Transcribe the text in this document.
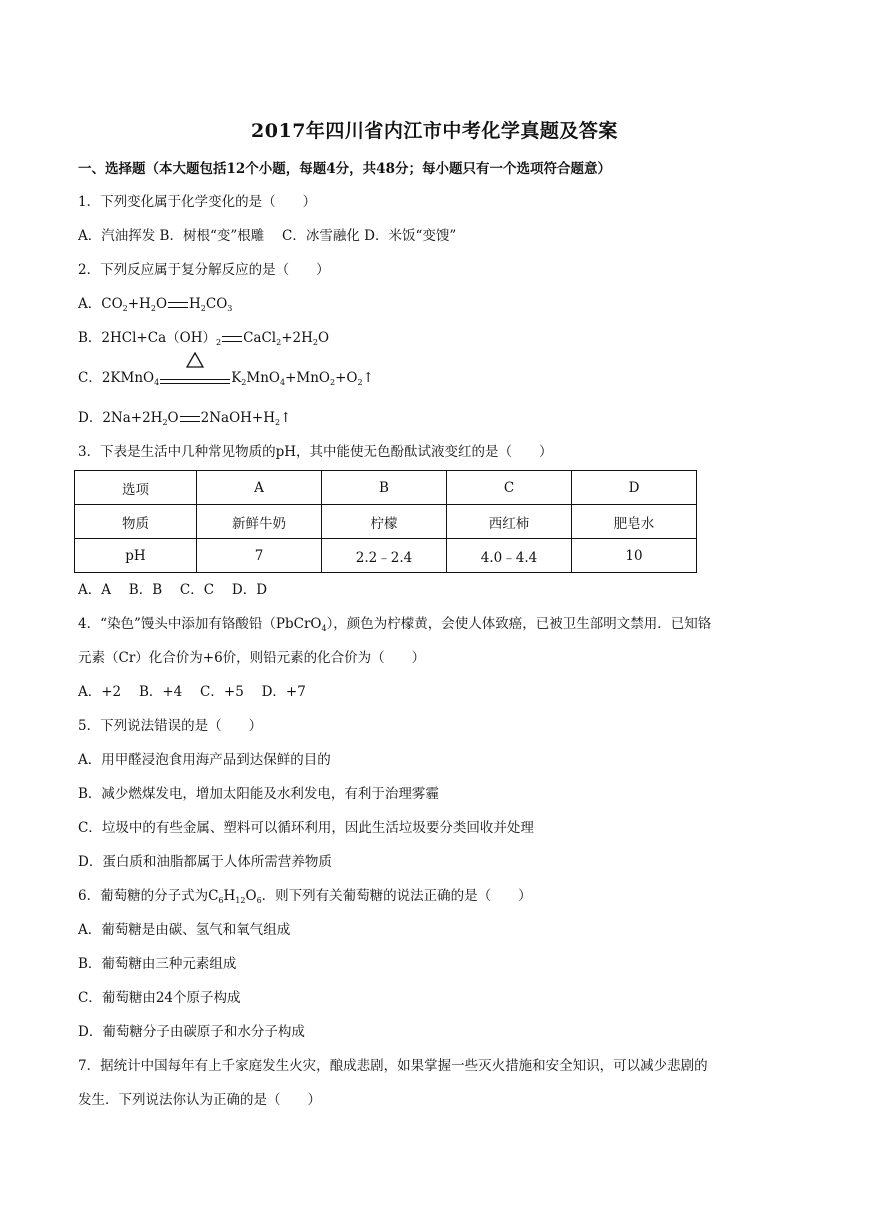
2017年四川省内江市中考化学真题及答案
一、选择题（本大题包括12个小题，每题4分，共48分；每小题只有一个选项符合题意）
1．下列变化属于化学变化的是（　　）
A．汽油挥发 B．树根“变”根雕　 C．冰雪融化 D．米饭“变馊”
2．下列反应属于复分解反应的是（　　）
A．$CO_2+H_2O$ $H_2CO_3$
B．$2HCl+Ca(OH)_2$ $CaCl_2+2H_2O$
C．2KMnO$_4$	$K_2MnO_4+MnO_2+O_2↑$
D．$2Na+2H_2O$ $2NaOH+H_2↑$
3．下表是生活中几种常见物质的pH，其中能使无色酚酞试液变红的是（　　）
选项	A	B	C	D
物质	新鲜牛奶	柠檬	西红柿	肥皂水
pH	7	2.2﹣2.4	4.0﹣4.4	10
A．A　 B．B　 C．C　 D．D
4．“染色”馒头中添加有铬酸铅（PbCrO$_4$），颜色为柠檬黄，会使人体致癌，已被卫生部明文禁用．已知铬
元素（Cr）化合价为+6价，则铅元素的化合价为（　　）
A．+2　 B．+4　 C．+5　 D．+7
5．下列说法错误的是（　　）
A．用甲醛浸泡食用海产品到达保鲜的目的
B．减少燃煤发电，增加太阳能及水利发电，有利于治理雾霾
C．垃圾中的有些金属、塑料可以循环利用，因此生活垃圾要分类回收并处理
D．蛋白质和油脂都属于人体所需营养物质
6．葡萄糖的分子式为$C_6H_{12}O_6$．则下列有关葡萄糖的说法正确的是（　　）
A．葡萄糖是由碳、氢气和氧气组成
B．葡萄糖由三种元素组成
C．葡萄糖由24个原子构成
D．葡萄糖分子由碳原子和水分子构成
7．据统计中国每年有上千家庭发生火灾，酿成悲剧，如果掌握一些灭火措施和安全知识，可以减少悲剧的
发生．下列说法你认为正确的是（　　）
